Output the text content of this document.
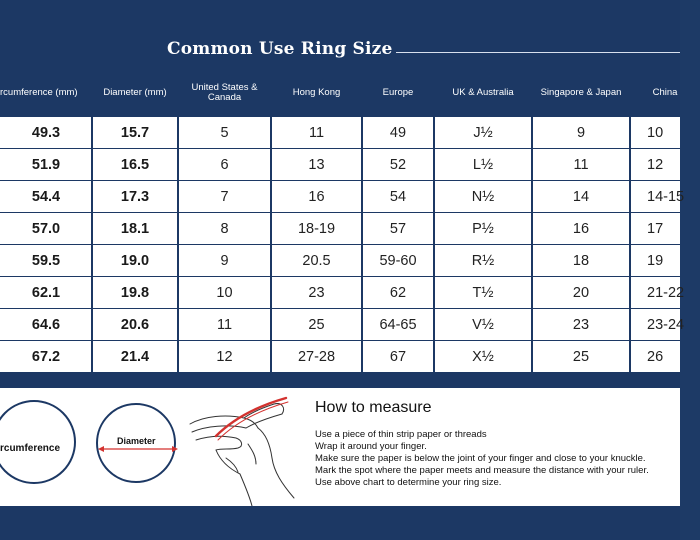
Common Use Ring Size
rcumference (mm)	Diameter (mm)	United States & Canada	Hong Kong	Europe	UK & Australia	Singapore & Japan	China
49.3	15.7	5	11	49	J½	9	10
51.9	16.5	6	13	52	L½	11	12
54.4	17.3	7	16	54	N½	14	14-15
57.0	18.1	8	18-19	57	P½	16	17
59.5	19.0	9	20.5	59-60	R½	18	19
62.1	19.8	10	23	62	T½	20	21-22
64.6	20.6	11	25	64-65	V½	23	23-24
67.2	21.4	12	27-28	67	X½	25	26
rcumference
Diameter
How to measure
Use a piece of thin strip paper or threads
Wrap it around your finger.
Make sure the paper is below the joint of your finger and close to your knuckle.
Mark the spot where the paper meets and measure the distance with your ruler.
Use above chart to determine your ring size.
